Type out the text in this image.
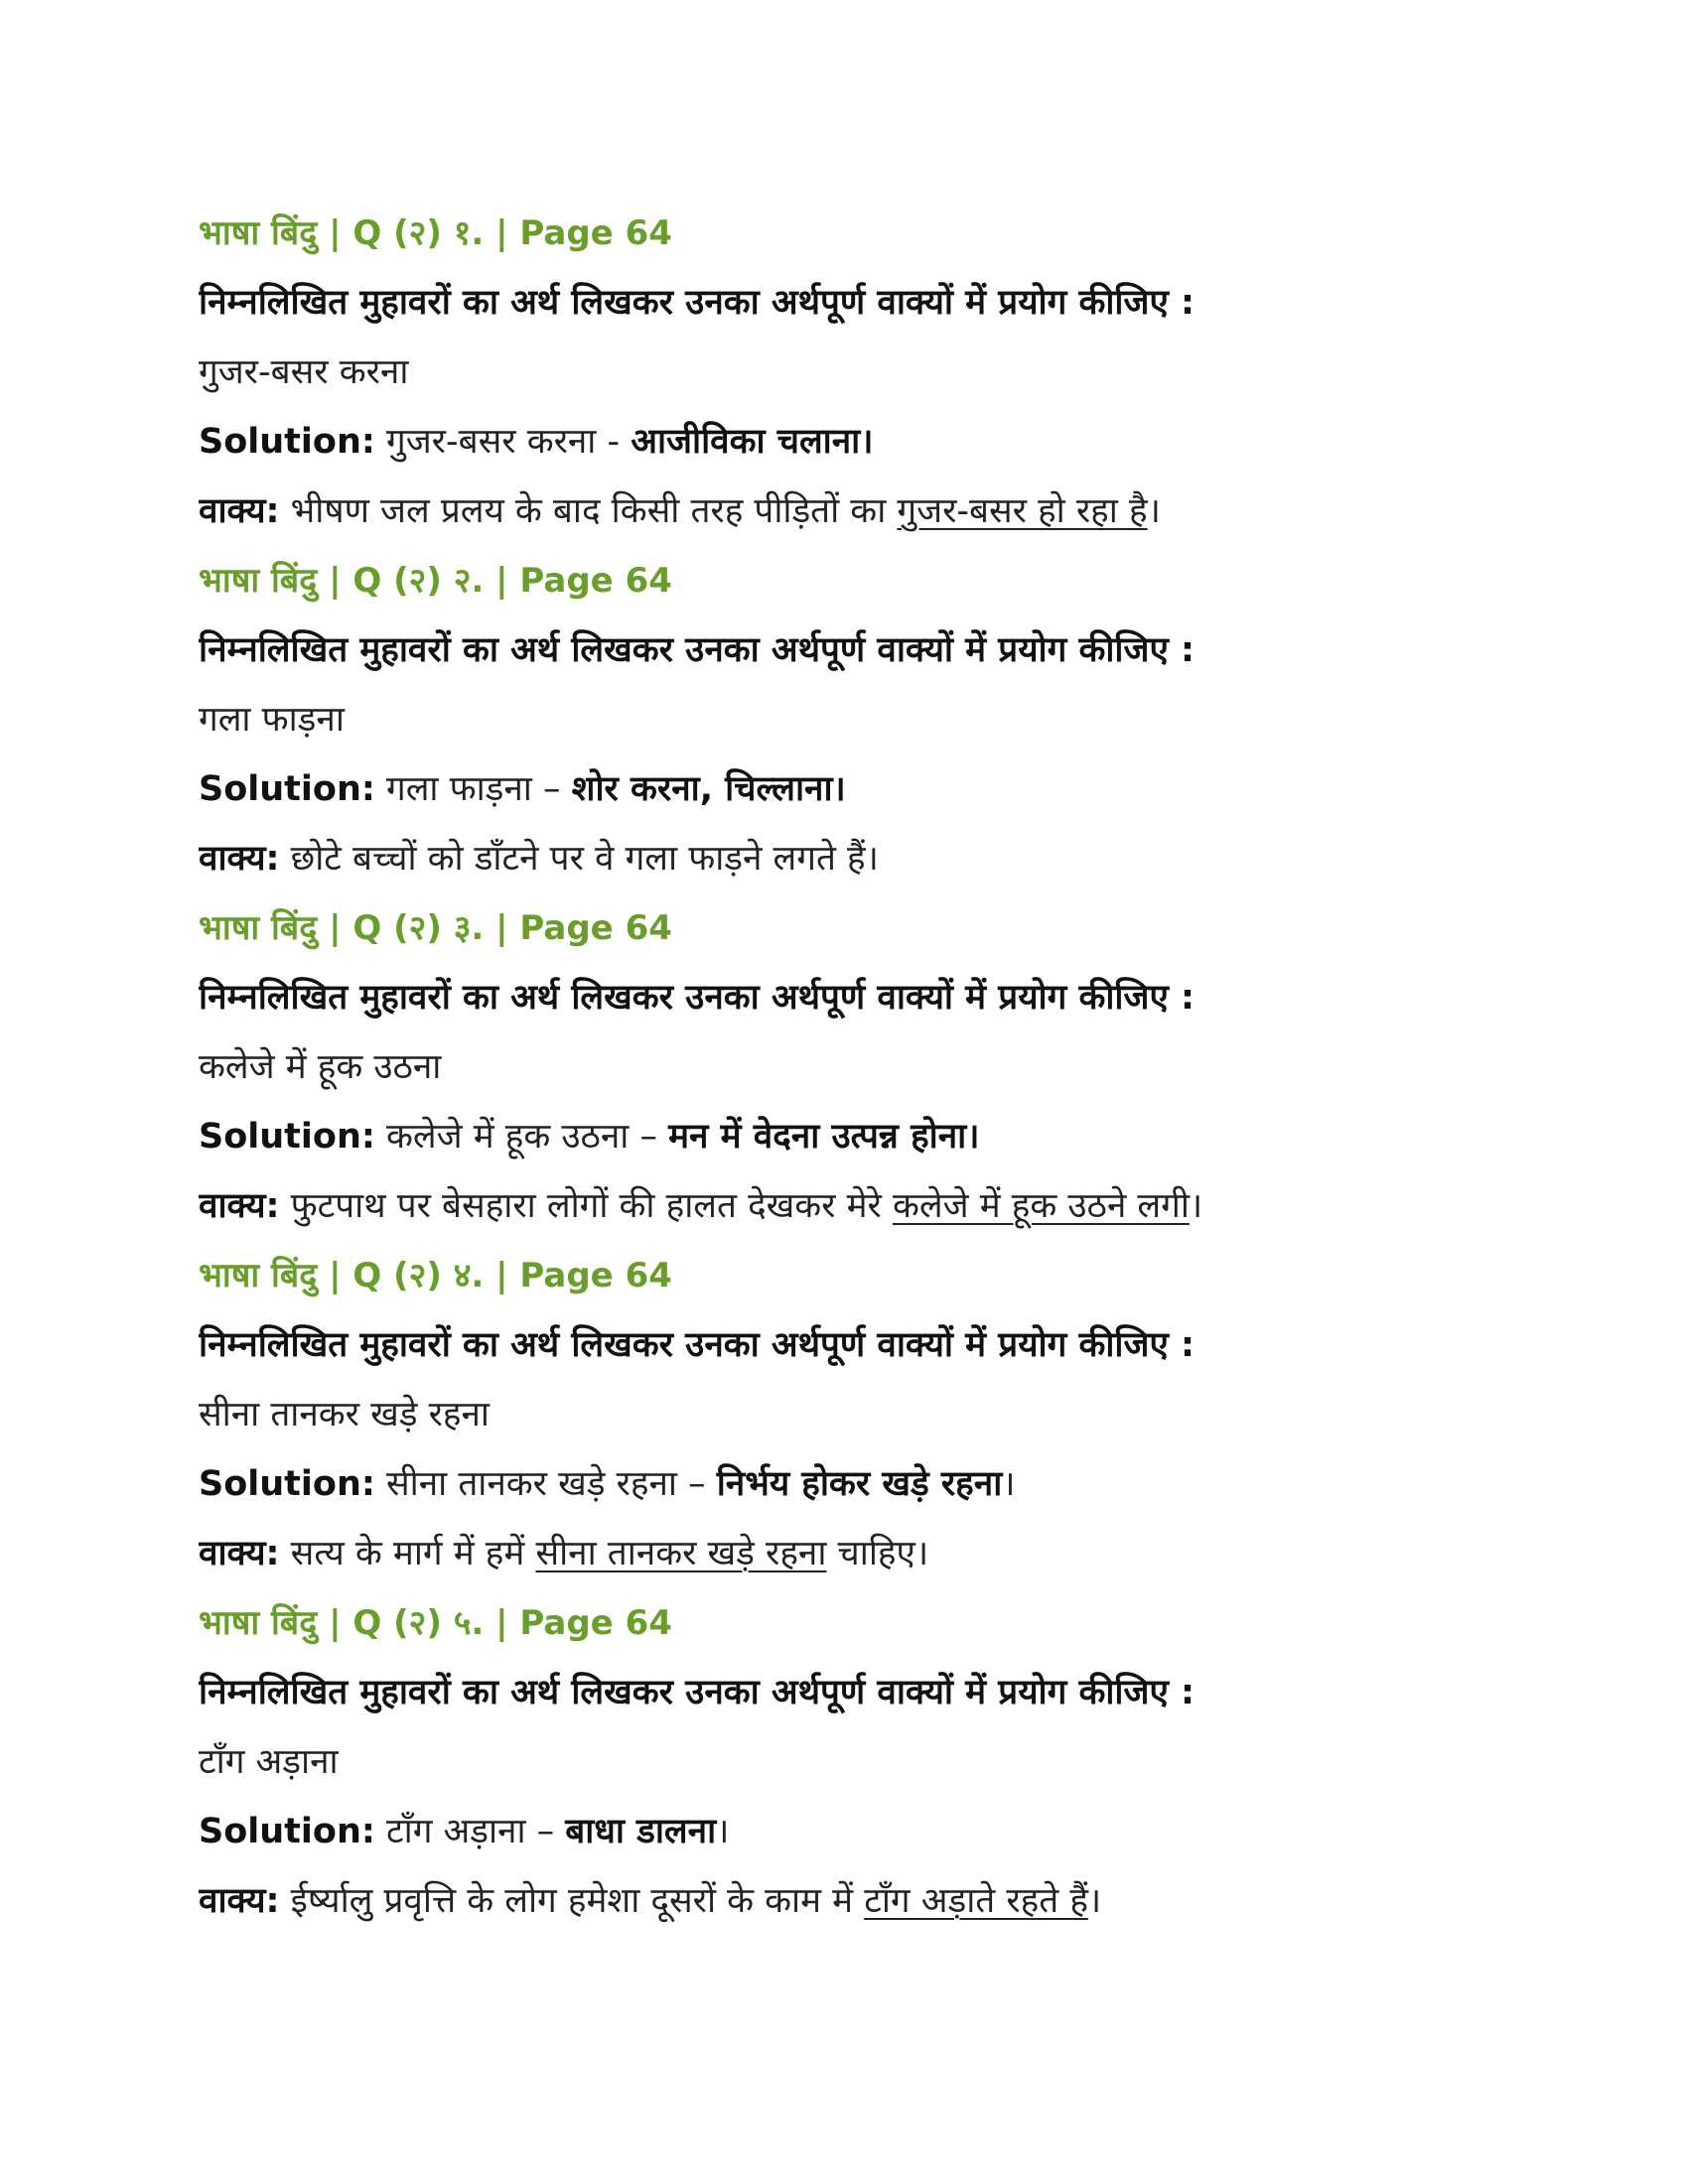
भाषा बिंदु | Q (२) १. | Page 64
निम्नलिखित मुहावरों का अर्थ लिखकर उनका अर्थपूर्ण वाक्यों में प्रयोग कीजिए :
गुजर-बसर करना
Solution: गुजर-बसर करना - आजीविका चलाना।
वाक्य: भीषण जल प्रलय के बाद किसी तरह पीड़ितों का गुजर-बसर हो रहा है।
भाषा बिंदु | Q (२) २. | Page 64
निम्नलिखित मुहावरों का अर्थ लिखकर उनका अर्थपूर्ण वाक्यों में प्रयोग कीजिए :
गला फाड़ना
Solution: गला फाड़ना – शोर करना, चिल्लाना।
वाक्य: छोटे बच्चों को डाँटने पर वे गला फाड़ने लगते हैं।
भाषा बिंदु | Q (२) ३. | Page 64
निम्नलिखित मुहावरों का अर्थ लिखकर उनका अर्थपूर्ण वाक्यों में प्रयोग कीजिए :
कलेजे में हूक उठना
Solution: कलेजे में हूक उठना – मन में वेदना उत्पन्न होना।
वाक्य: फुटपाथ पर बेसहारा लोगों की हालत देखकर मेरे कलेजे में हूक उठने लगी।
भाषा बिंदु | Q (२) ४. | Page 64
निम्नलिखित मुहावरों का अर्थ लिखकर उनका अर्थपूर्ण वाक्यों में प्रयोग कीजिए :
सीना तानकर खड़े रहना
Solution: सीना तानकर खड़े रहना – निर्भय होकर खड़े रहना।
वाक्य: सत्य के मार्ग में हमें सीना तानकर खड़े रहना चाहिए।
भाषा बिंदु | Q (२) ५. | Page 64
निम्नलिखित मुहावरों का अर्थ लिखकर उनका अर्थपूर्ण वाक्यों में प्रयोग कीजिए :
टाँग अड़ाना
Solution: टाँग अड़ाना – बाधा डालना।
वाक्य: ईर्ष्यालु प्रवृत्ति के लोग हमेशा दूसरों के काम में टाँग अड़ाते रहते हैं।
